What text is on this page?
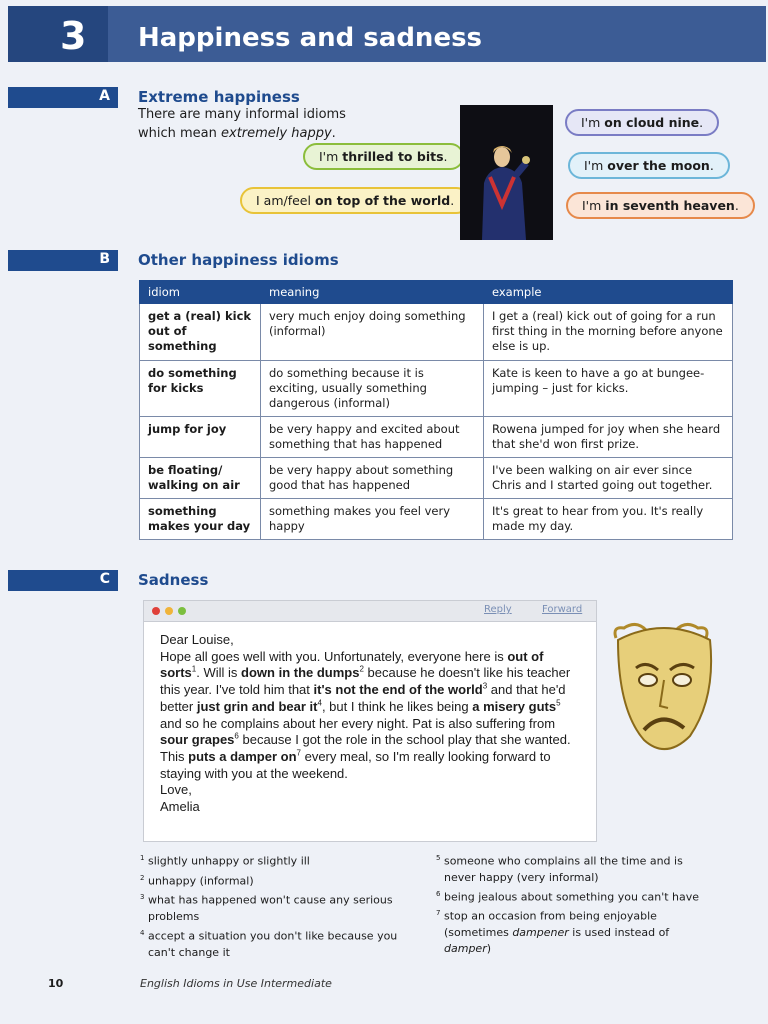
3 Happiness and sadness
A Extreme happiness
There are many informal idioms
which mean extremely happy.
I'm thrilled to bits.
I am/feel on top of the world.
I'm on cloud nine.
I'm over the moon.
I'm in seventh heaven.
B Other happiness idioms
idiom	meaning	example
get a (real) kick out of something	very much enjoy doing something (informal)	I get a (real) kick out of going for a run first thing in the morning before anyone else is up.
do something for kicks	do something because it is exciting, usually something dangerous (informal)	Kate is keen to have a go at bungee-jumping – just for kicks.
jump for joy	be very happy and excited about something that has happened	Rowena jumped for joy when she heard that she'd won first prize.
be floating/ walking on air	be very happy about something good that has happened	I've been walking on air ever since Chris and I started going out together.
something makes your day	something makes you feel very happy	It's great to hear from you. It's really made my day.
C Sadness
Reply	Forward
Dear Louise,
Hope all goes well with you. Unfortunately, everyone here is out of sorts$^1$. Will is down in the dumps$^2$ because he doesn't like his teacher this year. I've told him that it's not the end of the world$^3$ and that he'd better just grin and bear $it^4$, but I think he likes being a misery guts$^5$ and so he complains about her every night. Pat is also suffering from sour grapes$^6$ because I got the role in the school play that she wanted. This puts a damper $on^7$ every meal, so I'm really looking forward to staying with you at the weekend.
Love,
Amelia

$^1$ slightly unhappy or slightly ill

$^2$ unhappy (informal)

$^3$ what has happened won't cause any serious problems

$^4$ accept a situation you don't like because you can't change it

$^5$ someone who complains all the time and is never happy (very informal)

$^6$ being jealous about something you can't have

$^7$ stop an occasion from being enjoyable (sometimes dampener is used instead of damper)

10	English Idioms in Use Intermediate
